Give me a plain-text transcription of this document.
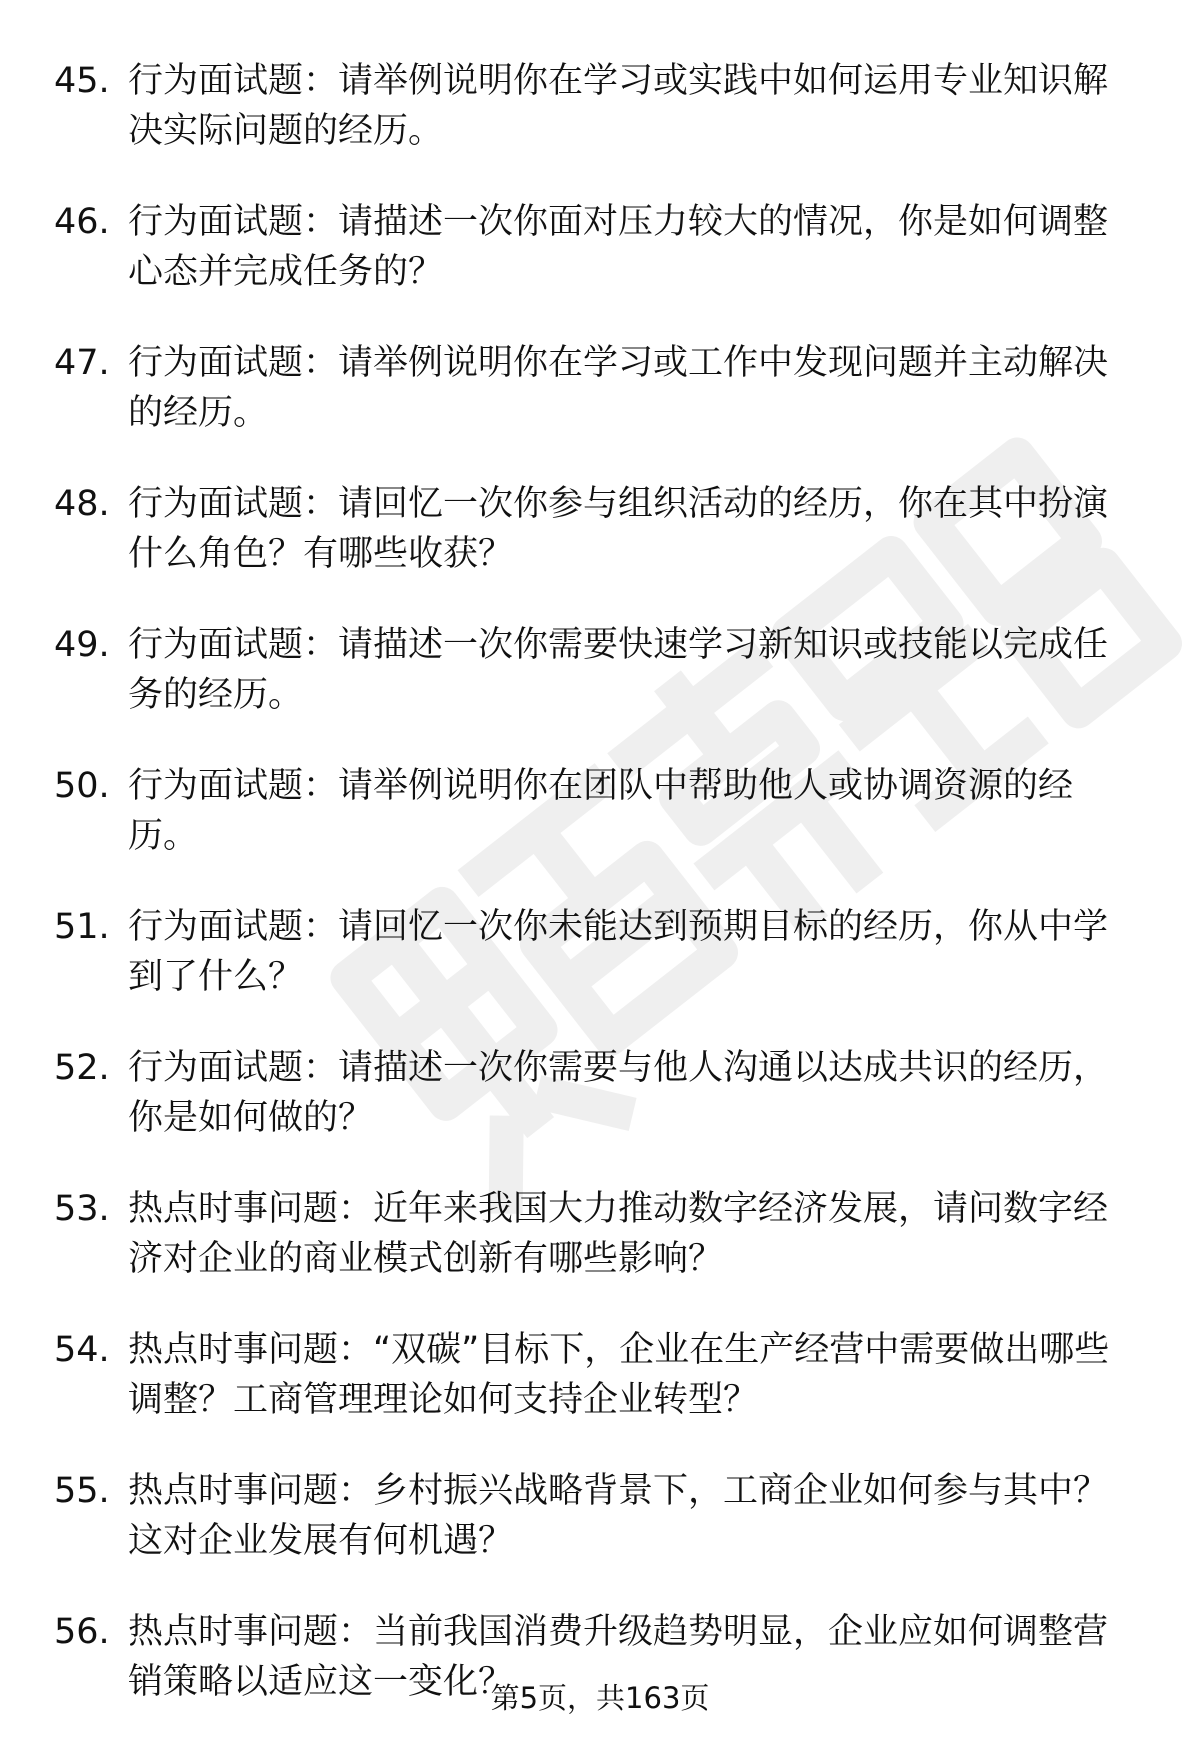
45. 行为面试题：请举例说明你在学习或实践中如何运用专业知识解决实际问题的经历。
46. 行为面试题：请描述一次你面对压力较大的情况，你是如何调整心态并完成任务的？
47. 行为面试题：请举例说明你在学习或工作中发现问题并主动解决的经历。
48. 行为面试题：请回忆一次你参与组织活动的经历，你在其中扮演什么角色？有哪些收获？
49. 行为面试题：请描述一次你需要快速学习新知识或技能以完成任务的经历。
50. 行为面试题：请举例说明你在团队中帮助他人或协调资源的经历。
51. 行为面试题：请回忆一次你未能达到预期目标的经历，你从中学到了什么？
52. 行为面试题：请描述一次你需要与他人沟通以达成共识的经历，你是如何做的？
53. 热点时事问题：近年来我国大力推动数字经济发展，请问数字经济对企业的商业模式创新有哪些影响？
54. 热点时事问题：“双碳”目标下，企业在生产经营中需要做出哪些调整？工商管理理论如何支持企业转型？
55. 热点时事问题：乡村振兴战略背景下，工商企业如何参与其中？这对企业发展有何机遇？
56. 热点时事问题：当前我国消费升级趋势明显，企业应如何调整营销策略以适应这一变化？
第5页，共163页
